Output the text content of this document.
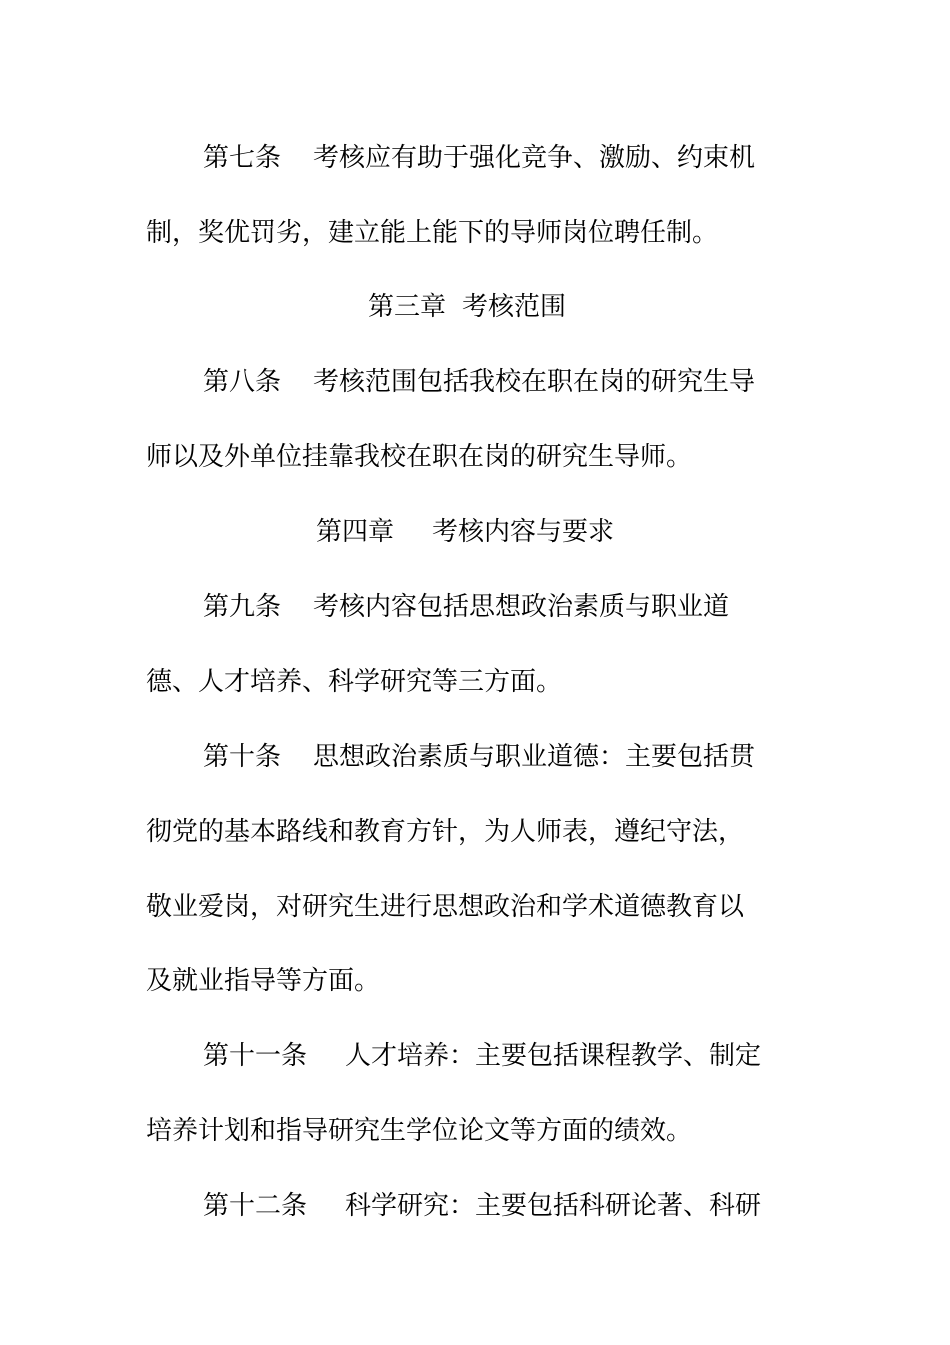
第七条 考核应有助于强化竞争、激励、约束机
制，奖优罚劣，建立能上能下的导师岗位聘任制。
第三章 考核范围
第八条 考核范围包括我校在职在岗的研究生导
师以及外单位挂靠我校在职在岗的研究生导师。
第四章 考核内容与要求
第九条 考核内容包括思想政治素质与职业道
德、人才培养、科学研究等三方面。
第十条 思想政治素质与职业道德：主要包括贯
彻党的基本路线和教育方针，为人师表，遵纪守法，
敬业爱岗，对研究生进行思想政治和学术道德教育以
及就业指导等方面。
第十一条 人才培养：主要包括课程教学、制定
培养计划和指导研究生学位论文等方面的绩效。
第十二条 科学研究：主要包括科研论著、科研
